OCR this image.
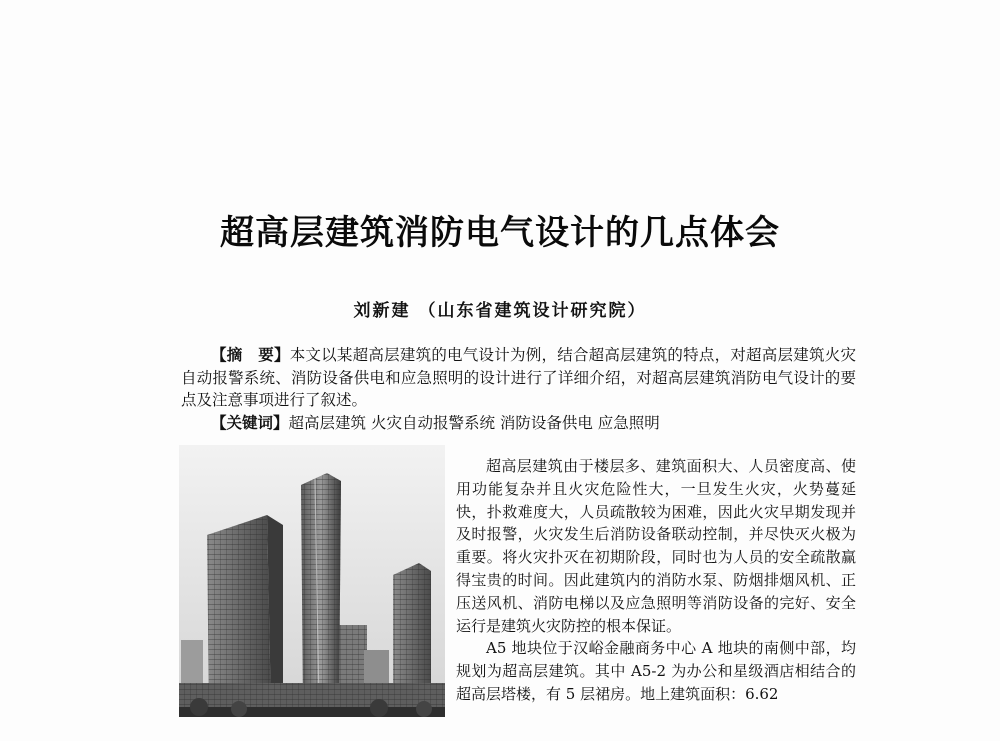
超高层建筑消防电气设计的几点体会
刘新建 （山东省建筑设计研究院）

【摘　要】本文以某超高层建筑的电气设计为例，结合超高层建筑的特点，对超高层建筑火灾自动报警系统、消防设备供电和应急照明的设计进行了详细介绍，对超高层建筑消防电气设计的要点及注意事项进行了叙述。

【关键词】超高层建筑 火灾自动报警系统 消防设备供电 应急照明

超高层建筑由于楼层多、建筑面积大、人员密度高、使用功能复杂并且火灾危险性大，一旦发生火灾，火势蔓延快，扑救难度大，人员疏散较为困难，因此火灾早期发现并及时报警，火灾发生后消防设备联动控制，并尽快灭火极为重要。将火灾扑灭在初期阶段，同时也为人员的安全疏散赢得宝贵的时间。因此建筑内的消防水泵、防烟排烟风机、正压送风机、消防电梯以及应急照明等消防设备的完好、安全运行是建筑火灾防控的根本保证。

A5 地块位于汉峪金融商务中心 A 地块的南侧中部，均规划为超高层建筑。其中 A5-2 为办公和星级酒店相结合的超高层塔楼，有 5 层裙房。地上建筑面积：6.62
